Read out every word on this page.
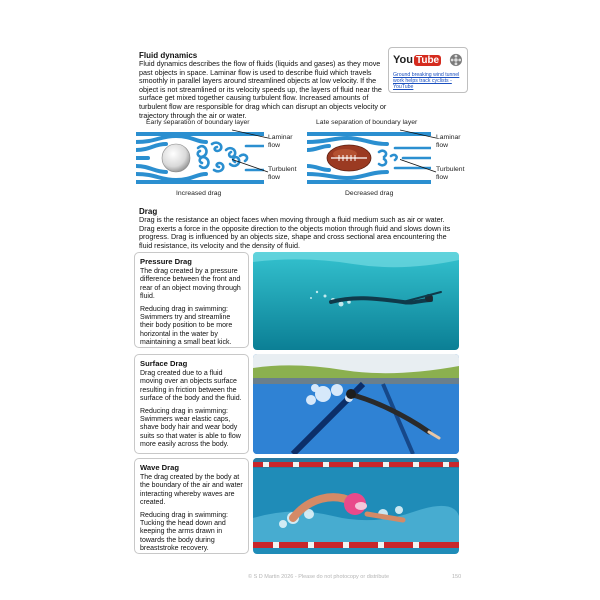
Fluid dynamics
Fluid dynamics describes the flow of fluids (liquids and gases) as they move past objects in space. Laminar flow is used to describe fluid which travels smoothly in parallel layers around streamlined objects at low velocity. If the object is not streamlined or its velocity speeds up, the layers of fluid near the surface get mixed together causing turbulent flow. Increased amounts of turbulent flow are responsible for drag which can disrupt an objects velocity or trajectory through the air or water.
You Tube
Ground breaking wind tunnel work helps track cyclists - YouTube
Early separation of boundary layer
Increased drag
Laminar flow
Turbulent flow
Late separation of boundary layer
Decreased drag
Laminar flow
Turbulent flow
Drag
Drag is the resistance an object faces when moving through a fluid medium such as air or water. Drag exerts a force in the opposite direction to the objects motion through fluid and slows down its progress. Drag is influenced by an objects size, shape and cross sectional area encountering the fluid resistance, its velocity and the density of fluid.
Pressure Drag
The drag created by a pressure difference between the front and rear of an object moving through fluid.
Reducing drag in swimming: Swimmers try and streamline their body position to be more horizontal in the water by maintaining a small beat kick.
Surface Drag
Drag created due to a fluid moving over an objects surface resulting in friction between the surface of the body and the fluid.
Reducing drag in swimming: Swimmers wear elastic caps, shave body hair and wear body suits so that water is able to flow more easily across the body.
Wave Drag
The drag created by the body at the boundary of the air and water interacting whereby waves are created.
Reducing drag in swimming: Tucking the head down and keeping the arms drawn in towards the body during breaststroke recovery.
© S D Martin 2026 - Please do not photocopy or distribute	150
